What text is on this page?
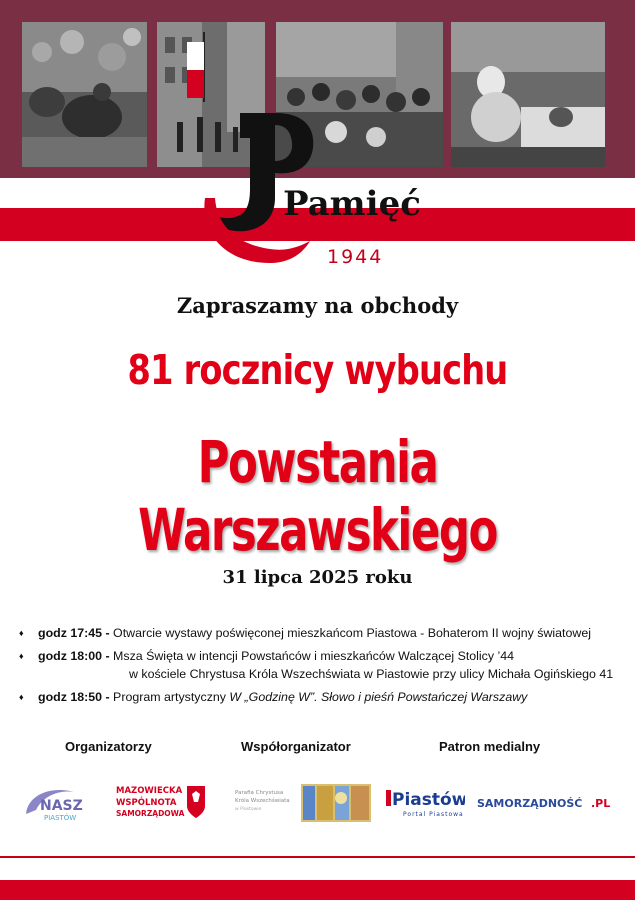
Pamięć
1944
Zapraszamy na obchody
81 rocznicy wybuchu
Powstania Warszawskiego
31 lipca 2025 roku
♦ godz 17:45 - Otwarcie wystawy poświęconej mieszkańcom Piastowa - Bohaterom II wojny światowej
♦ godz 18:00 - Msza Święta w intencji Powstańców i mieszkańców Walczącej Stolicy ’44
w kościele Chrystusa Króla Wszechświata w Piastowie przy ulicy Michała Ogińskiego 41
♦ godz 18:50 - Program artystyczny W „Godzinę W”. Słowo i pieśń Powstańczej Warszawy
Organizatorzy	Współorganizator	Patron medialny
NASZ
PIASTÓW
MAZOWIECKA
WSPÓLNOTA
SAMORZĄDOWA
Parafia Chrystusa
Króla Wszechświata
w Piastowie	Piastów
Portal Piastowa
SAMORZĄDNOŚĆ .PL
